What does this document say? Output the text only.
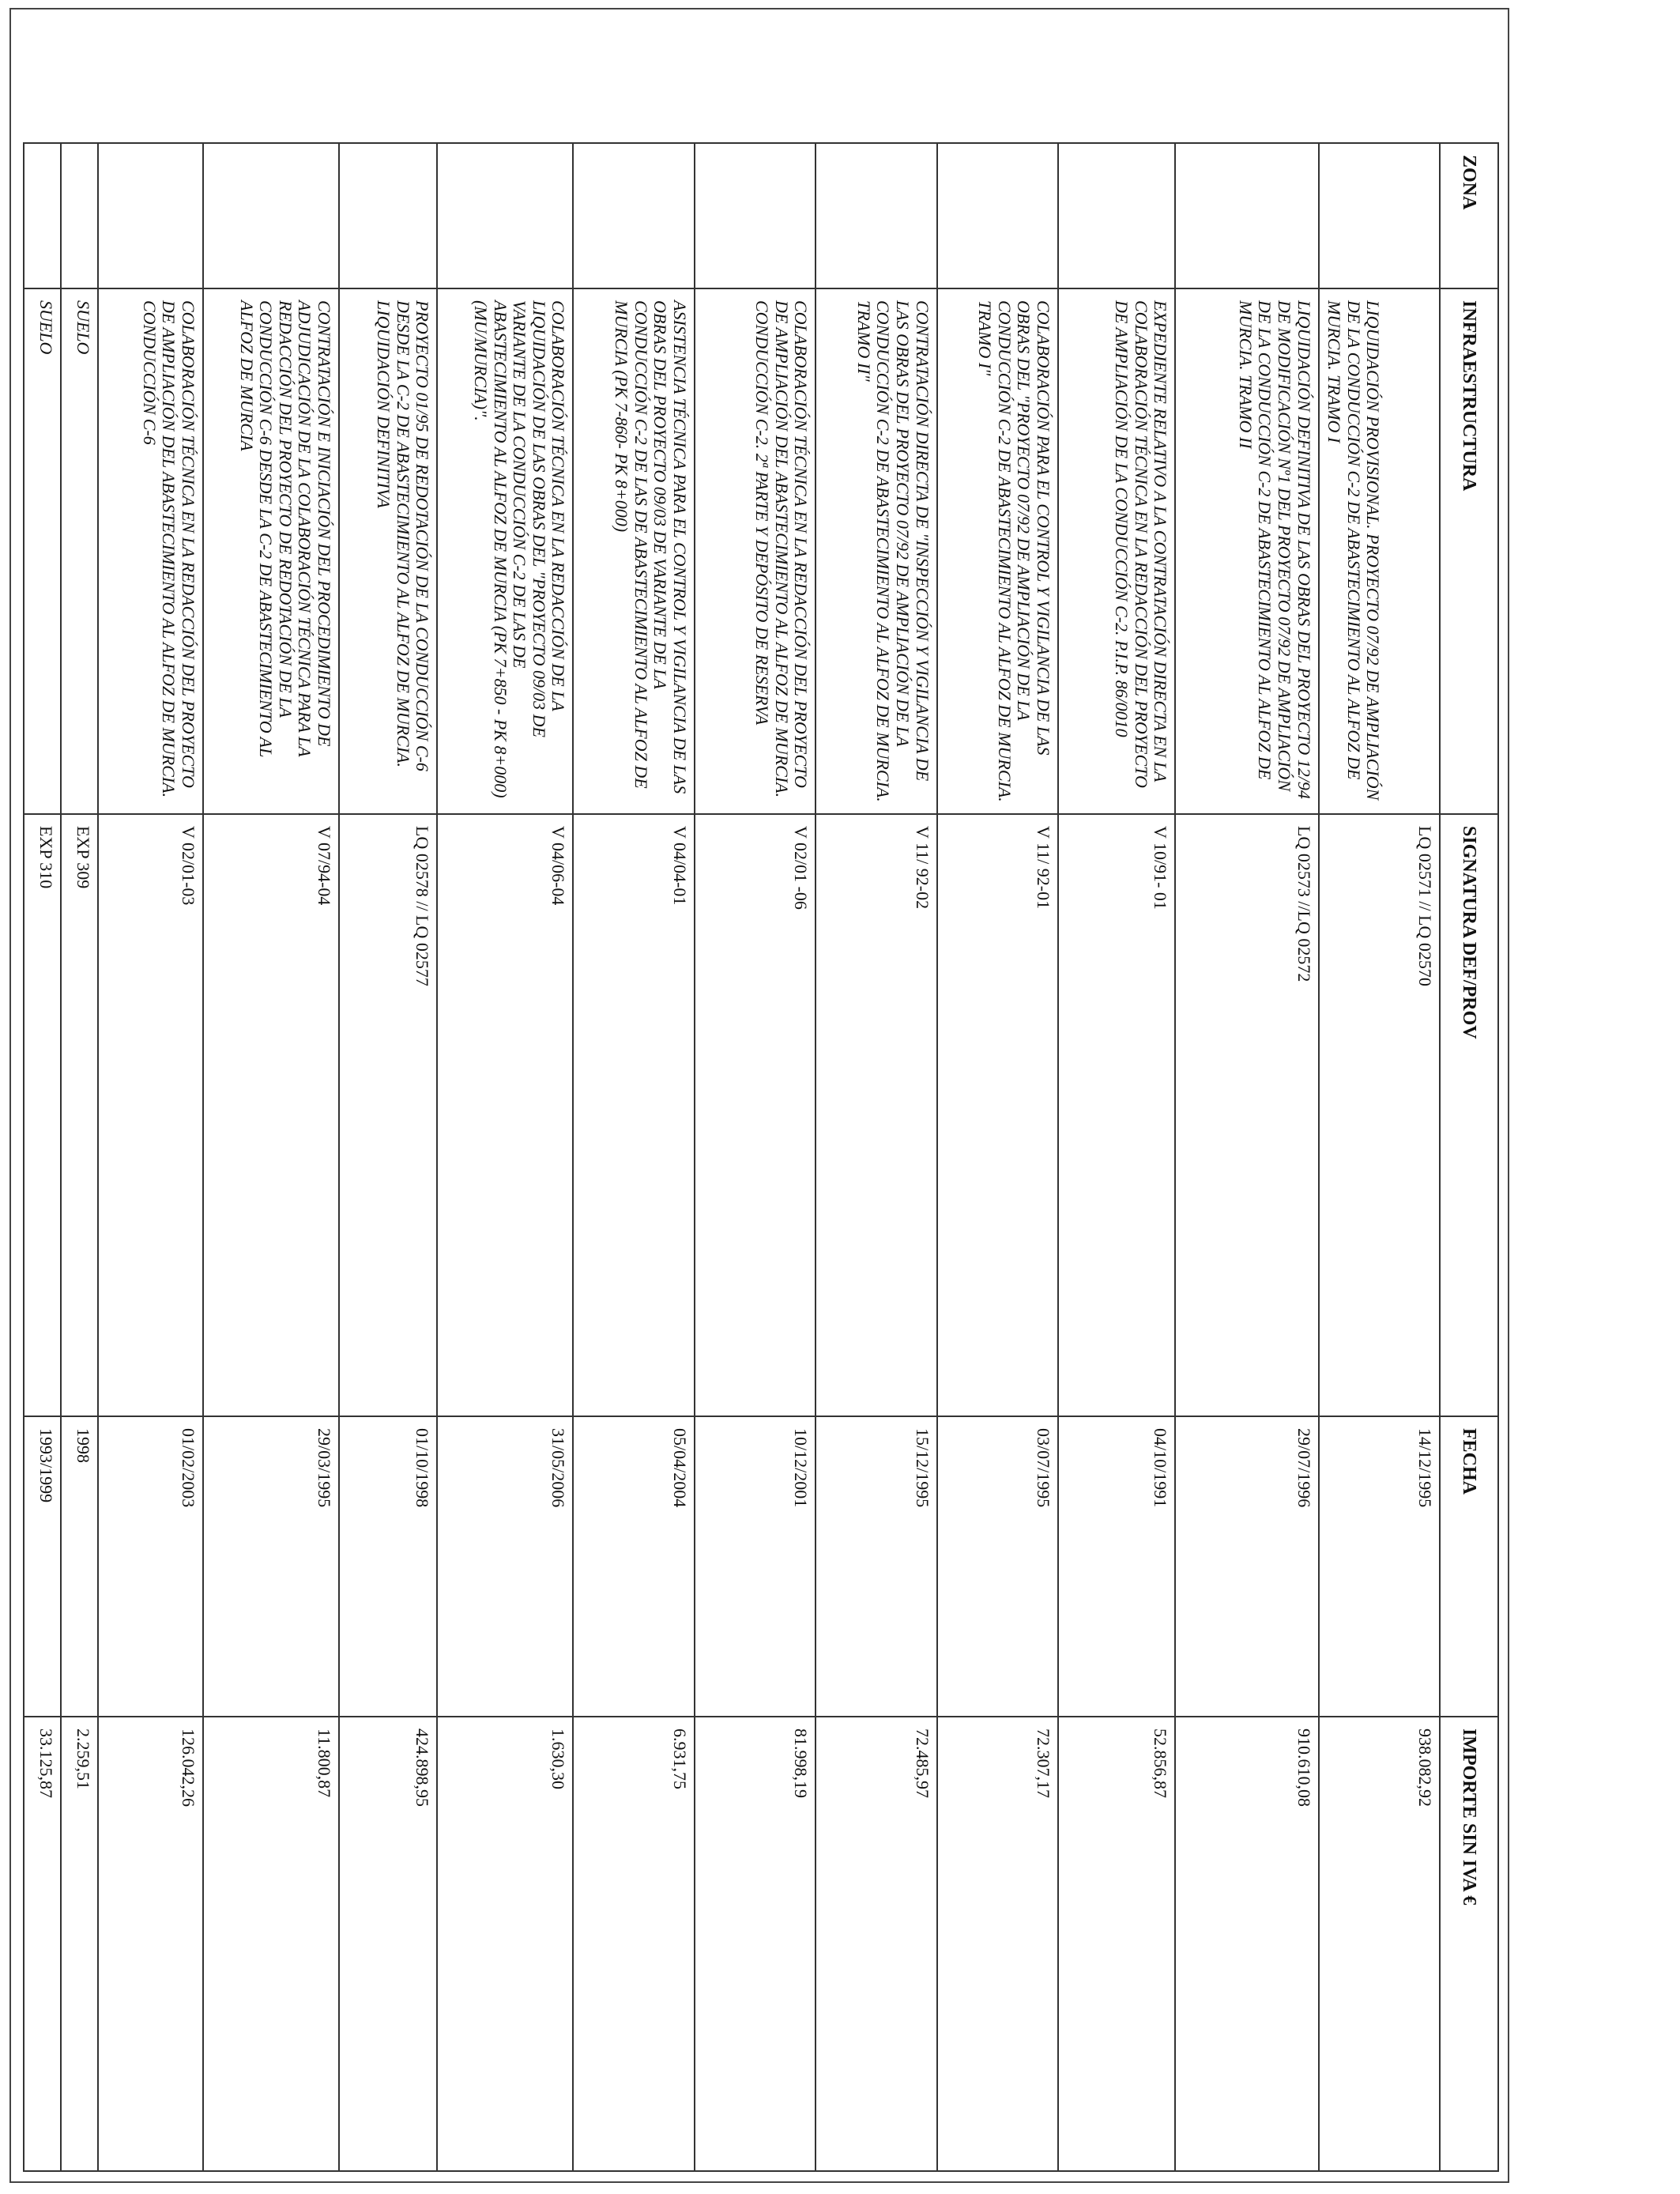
ZONA	INFRAESTRUCTURA	SIGNATURA DEF/PROV	FECHA	IMPORTE SIN IVA €
	LIQUIDACIÓN PROVISIONAL. PROYECTO 07/92 DE AMPLIACIÓN DE LA CONDUCCIÓN C-2 DE ABASTECIMIENTO AL ALFOZ DE MURCIA. TRAMO I	LQ 02571 // LQ 02570	14/12/1995	938.082,92
	LIQUIDACIÓN DEFINITIVA DE LAS OBRAS DEL PROYECTO 12/94 DE MODIFICACIÓN Nº1 DEL PROYECTO 07/92 DE AMPLIACIÓN DE LA CONDUCCIÓN C-2 DE ABASTECIMIENTO AL ALFOZ DE MURCIA. TRAMO II	LQ 02573 //LQ 02572	29/07/1996	910.610,08
	EXPEDIENTE RELATIVO A LA CONTRATACIÓN DIRECTA EN LA COLABORACIÓN TÉCNICA EN LA REDACCIÓN DEL PROYECTO DE AMPLIACIÓN DE LA CONDUCCIÓN C-2. P.I.P. 86/0010	V 10/91- 01	04/10/1991	52.856,87
	COLABORACIÓN PARA EL CONTROL Y VIGILANCIA DE LAS OBRAS DEL "PROYECTO 07/92 DE AMPLIACIÓN DE LA CONDUCCIÓN C-2 DE ABASTECIMIENTO AL ALFOZ DE MURCIA. TRAMO I"	V 11/ 92-01	03/07/1995	72.307,17
	CONTRATACIÓN DIRECTA DE "INSPECCIÓN Y VIGILANCIA DE LAS OBRAS DEL PROYECTO 07/92 DE AMPLIACIÓN DE LA CONDUCCIÓN C-2 DE ABASTECIMIENTO AL ALFOZ DE MURCIA. TRAMO II"	V 11/ 92-02	15/12/1995	72.485,97
	COLABORACIÓN TÉCNICA EN LA REDACCIÓN DEL PROYECTO DE AMPLIACIÓN DEL ABASTECIMIENTO AL ALFOZ DE MURCIA. CONDUCCIÓN C-2. 2ª PARTE Y DEPÓSITO DE RESERVA	V 02/01 -06	10/12/2001	81.998,19
	ASISTENCIA TÉCNICA PARA EL CONTROL Y VIGILANCIA DE LAS OBRAS DEL PROYECTO 09/03 DE VARIANTE DE LA CONDUCCIÓN C-2 DE LAS DE ABASTECIMIENTO AL ALFOZ DE MURCIA (PK 7-860- PK 8+000)	V 04/04-01	05/04/2004	6.931,75
	COLABORACIÓN TÉCNICA EN LA REDACCIÓN DE LA LIQUIDACIÓN DE LAS OBRAS DEL "PROYECTO 09/03 DE VARIANTE DE LA CONDUCCIÓN C-2 DE LAS DE ABASTECIMIENTO AL ALFOZ DE MURCIA (PK 7+850 - PK 8+000) (MU/MURCIA)".	V 04/06-04	31/05/2006	1.630,30
	PROYECTO 01/95 DE REDOTACIÓN DE LA CONDUCCIÓN C-6 DESDE LA C-2 DE ABASTECIMIENTO AL ALFOZ DE MURCIA. LIQUIDACIÓN DEFINITIVA	LQ 02578 // LQ 02577	01/10/1998	424.898,95
	CONTRATACIÓN E INICIACIÓN DEL PROCEDIMIENTO DE ADJUDICACIÓN DE LA COLABORACIÓN TÉCNICA PARA LA REDACCIÓN DEL PROYECTO DE REDOTACIÓN DE LA CONDUCCIÓN C-6 DESDE LA C-2 DE ABASTECIMIENTO AL ALFOZ DE MURCIA	V 07/94-04	29/03/1995	11.800,87
	COLABORACIÓN TÉCNICA EN LA REDACCIÓN DEL PROYECTO DE AMPLIACIÓN DEL ABASTECIMIENTO AL ALFOZ DE MURCIA. CONDUCCIÓN C-6	V 02/01-03	01/02/2003	126.042,26
	SUELO	EXP 309	1998	2.259,51
	SUELO	EXP 310	1993/1999	33.125,87
